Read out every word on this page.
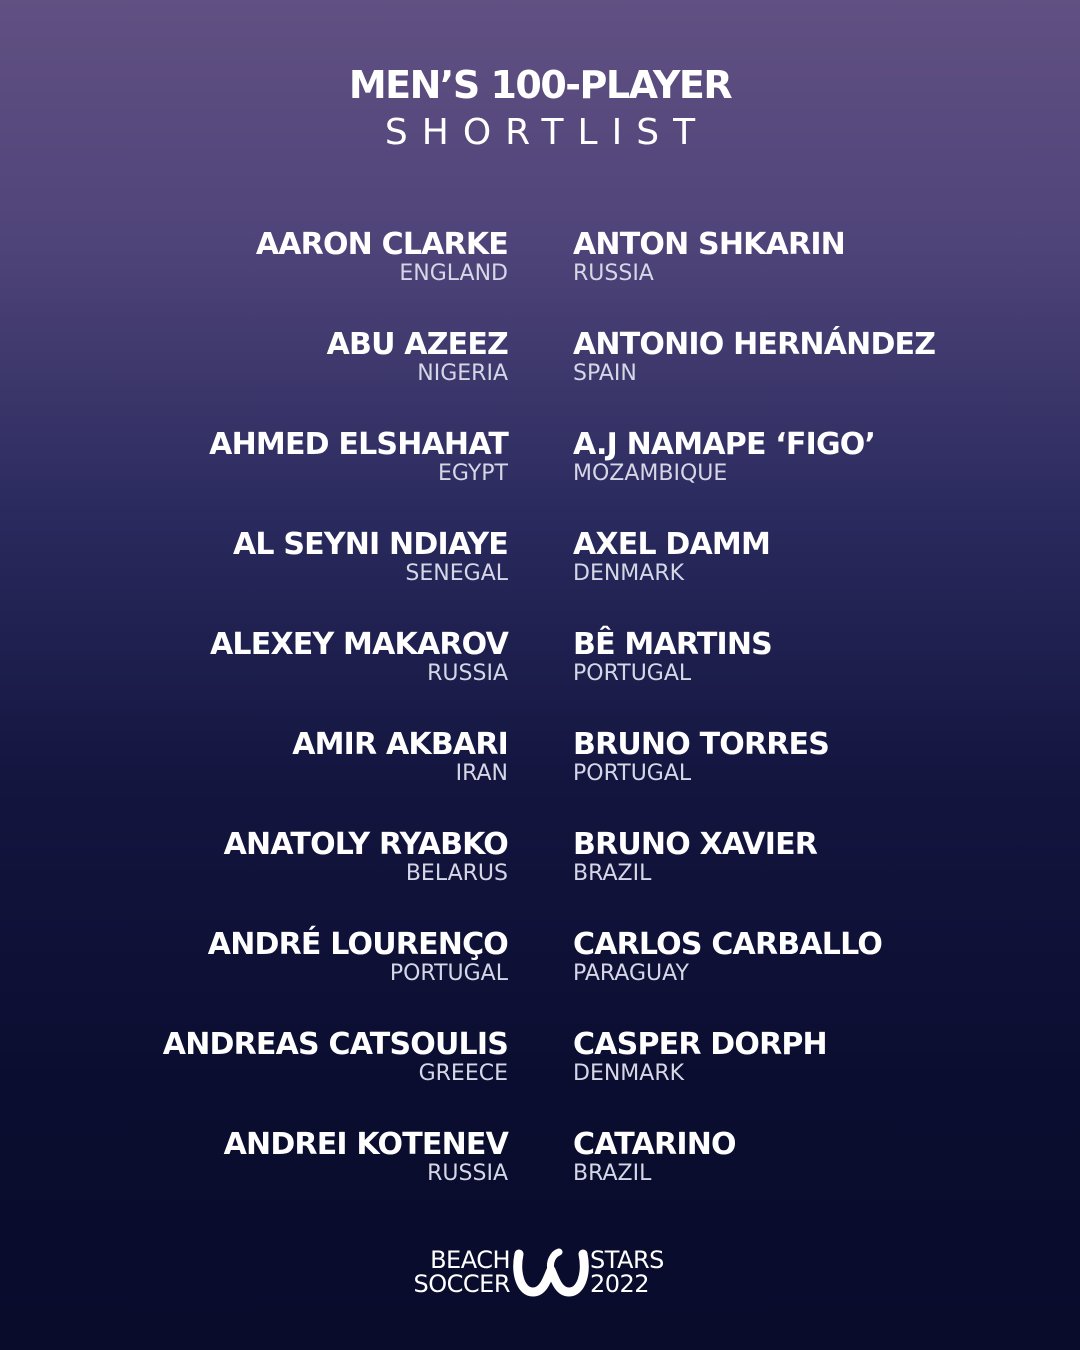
MEN’S 100-PLAYER
SHORTLIST
AARON CLARKE
ENGLAND
ABU AZEEZ
NIGERIA
AHMED ELSHAHAT
EGYPT
AL SEYNI NDIAYE
SENEGAL
ALEXEY MAKAROV
RUSSIA
AMIR AKBARI
IRAN
ANATOLY RYABKO
BELARUS
ANDRÉ LOURENÇO
PORTUGAL
ANDREAS CATSOULIS
GREECE
ANDREI KOTENEV
RUSSIA
ANTON SHKARIN
RUSSIA
ANTONIO HERNÁNDEZ
SPAIN
A.J NAMAPE ‘FIGO’
MOZAMBIQUE
AXEL DAMM
DENMARK
BÊ MARTINS
PORTUGAL
BRUNO TORRES
PORTUGAL
BRUNO XAVIER
BRAZIL
CARLOS CARBALLO
PARAGUAY
CASPER DORPH
DENMARK
CATARINO
BRAZIL
BEACH
SOCCER
STARS
2022
